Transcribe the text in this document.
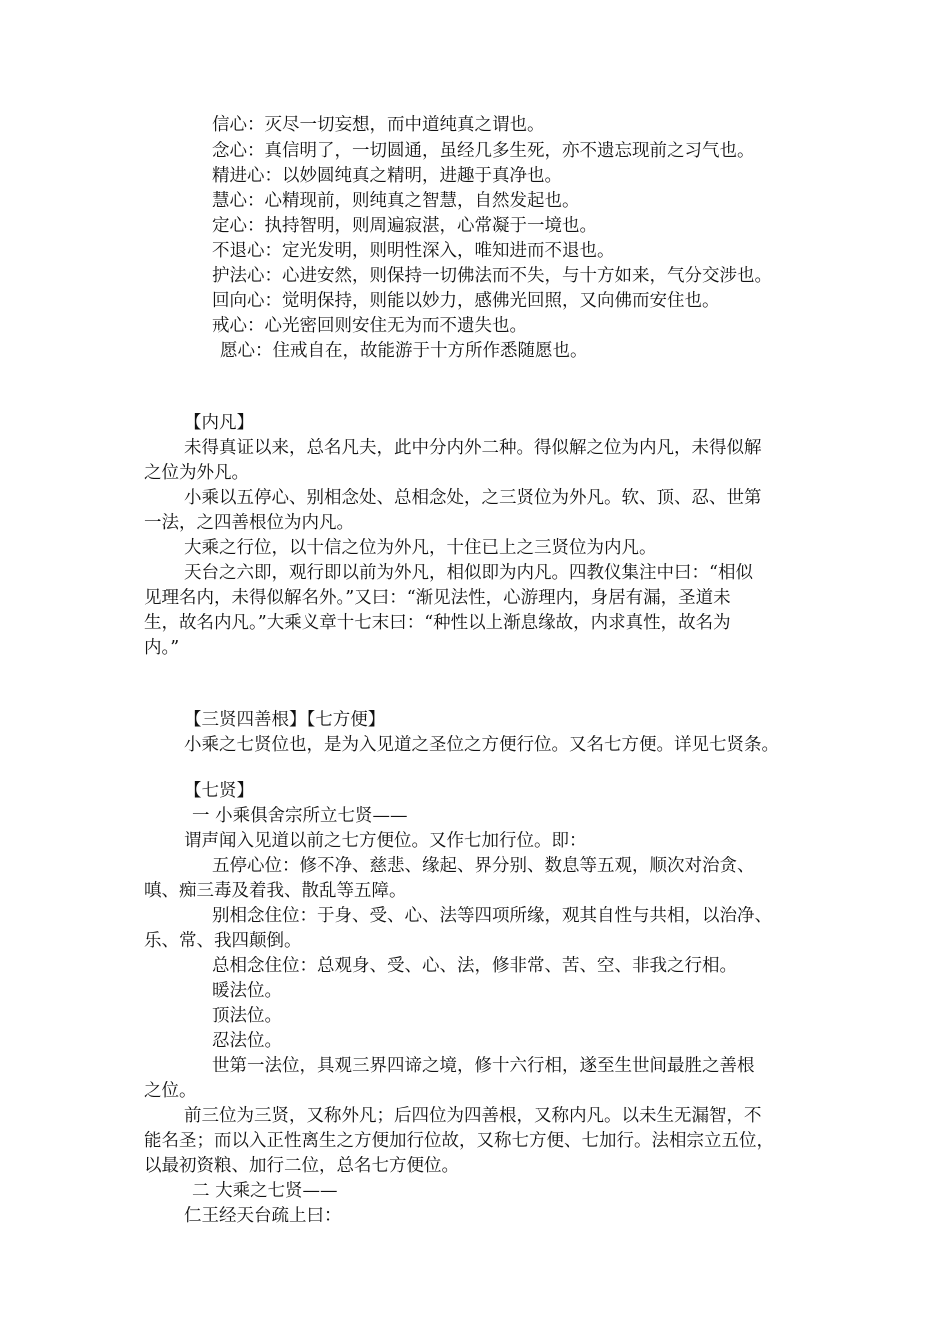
信心：灭尽一切妄想，而中道纯真之谓也。
念心：真信明了，一切圆通，虽经几多生死，亦不遗忘现前之习气也。
精进心：以妙圆纯真之精明，进趣于真净也。
慧心：心精现前，则纯真之智慧，自然发起也。
定心：执持智明，则周遍寂湛，心常凝于一境也。
不退心：定光发明，则明性深入，唯知进而不退也。
护法心：心进安然，则保持一切佛法而不失，与十方如来，气分交涉也。
回向心：觉明保持，则能以妙力，感佛光回照，又向佛而安住也。
戒心：心光密回则安住无为而不遗失也。
愿心：住戒自在，故能游于十方所作悉随愿也。
【内凡】
未得真证以来，总名凡夫，此中分内外二种。得似解之位为内凡，未得似解
之位为外凡。
小乘以五停心、别相念处、总相念处，之三贤位为外凡。软、顶、忍、世第
一法，之四善根位为内凡。
大乘之行位，以十信之位为外凡，十住已上之三贤位为内凡。
天台之六即，观行即以前为外凡，相似即为内凡。四教仪集注中曰：“相似
见理名内，未得似解名外。”又曰：“渐见法性，心游理内，身居有漏，圣道未
生，故名内凡。”大乘义章十七末曰：“种性以上渐息缘故，内求真性，故名为
内。”
【三贤四善根】【七方便】
小乘之七贤位也，是为入见道之圣位之方便行位。又名七方便。详见七贤条。
【七贤】
一 小乘俱舍宗所立七贤——
谓声闻入见道以前之七方便位。又作七加行位。即：
五停心位：修不净、慈悲、缘起、界分别、数息等五观，顺次对治贪、
嗔、痴三毒及着我、散乱等五障。
别相念住位：于身、受、心、法等四项所缘，观其自性与共相，以治净、
乐、常、我四颠倒。
总相念住位：总观身、受、心、法，修非常、苦、空、非我之行相。
暖法位。
顶法位。
忍法位。
世第一法位，具观三界四谛之境，修十六行相，遂至生世间最胜之善根
之位。
前三位为三贤，又称外凡；后四位为四善根，又称内凡。以未生无漏智，不
能名圣；而以入正性离生之方便加行位故，又称七方便、七加行。法相宗立五位，
以最初资粮、加行二位，总名七方便位。
二 大乘之七贤——
仁王经天台疏上曰：
